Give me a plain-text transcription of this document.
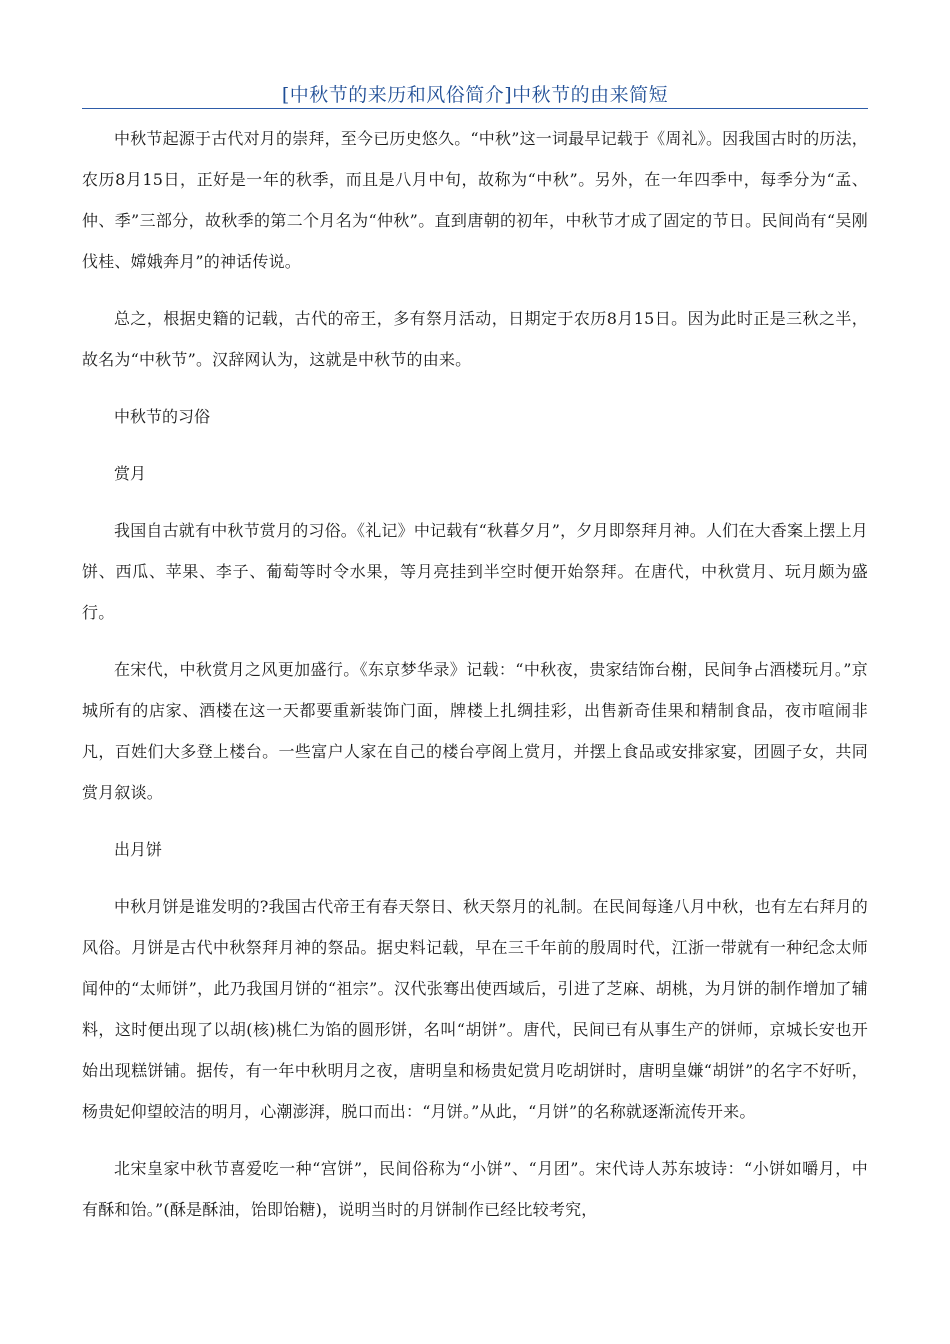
[中秋节的来历和风俗简介]中秋节的由来简短

中秋节起源于古代对月的崇拜，至今已历史悠久。“中秋”这一词最早记载于《周礼》。因我国古时的历法，农历8月15日，正好是一年的秋季，而且是八月中旬，故称为“中秋”。另外，在一年四季中，每季分为“孟、仲、季”三部分，故秋季的第二个月名为“仲秋”。直到唐朝的初年，中秋节才成了固定的节日。民间尚有“吴刚伐桂、嫦娥奔月”的神话传说。

总之，根据史籍的记载，古代的帝王，多有祭月活动，日期定于农历8月15日。因为此时正是三秋之半，故名为“中秋节”。汉辞网认为，这就是中秋节的由来。

中秋节的习俗

赏月

我国自古就有中秋节赏月的习俗。《礼记》中记载有“秋暮夕月”，夕月即祭拜月神。人们在大香案上摆上月饼、西瓜、苹果、李子、葡萄等时令水果，等月亮挂到半空时便开始祭拜。在唐代，中秋赏月、玩月颇为盛行。

在宋代，中秋赏月之风更加盛行。《东京梦华录》记载：“中秋夜，贵家结饰台榭，民间争占酒楼玩月。”京城所有的店家、酒楼在这一天都要重新装饰门面，牌楼上扎绸挂彩，出售新奇佳果和精制食品，夜市喧闹非凡，百姓们大多登上楼台。一些富户人家在自己的楼台亭阁上赏月，并摆上食品或安排家宴，团圆子女，共同赏月叙谈。

出月饼

中秋月饼是谁发明的?我国古代帝王有春天祭日、秋天祭月的礼制。在民间每逢八月中秋，也有左右拜月的风俗。月饼是古代中秋祭拜月神的祭品。据史料记载，早在三千年前的殷周时代，江浙一带就有一种纪念太师闻仲的“太师饼”，此乃我国月饼的“祖宗”。汉代张骞出使西域后，引进了芝麻、胡桃，为月饼的制作增加了辅料，这时便出现了以胡(核)桃仁为馅的圆形饼，名叫“胡饼”。唐代，民间已有从事生产的饼师，京城长安也开始出现糕饼铺。据传，有一年中秋明月之夜，唐明皇和杨贵妃赏月吃胡饼时，唐明皇嫌“胡饼”的名字不好听，杨贵妃仰望皎洁的明月，心潮澎湃，脱口而出：“月饼。”从此，“月饼”的名称就逐渐流传开来。

北宋皇家中秋节喜爱吃一种“宫饼”，民间俗称为“小饼”、“月团”。宋代诗人苏东坡诗：“小饼如嚼月，中有酥和饴。”(酥是酥油，饴即饴糖)，说明当时的月饼制作已经比较考究，
